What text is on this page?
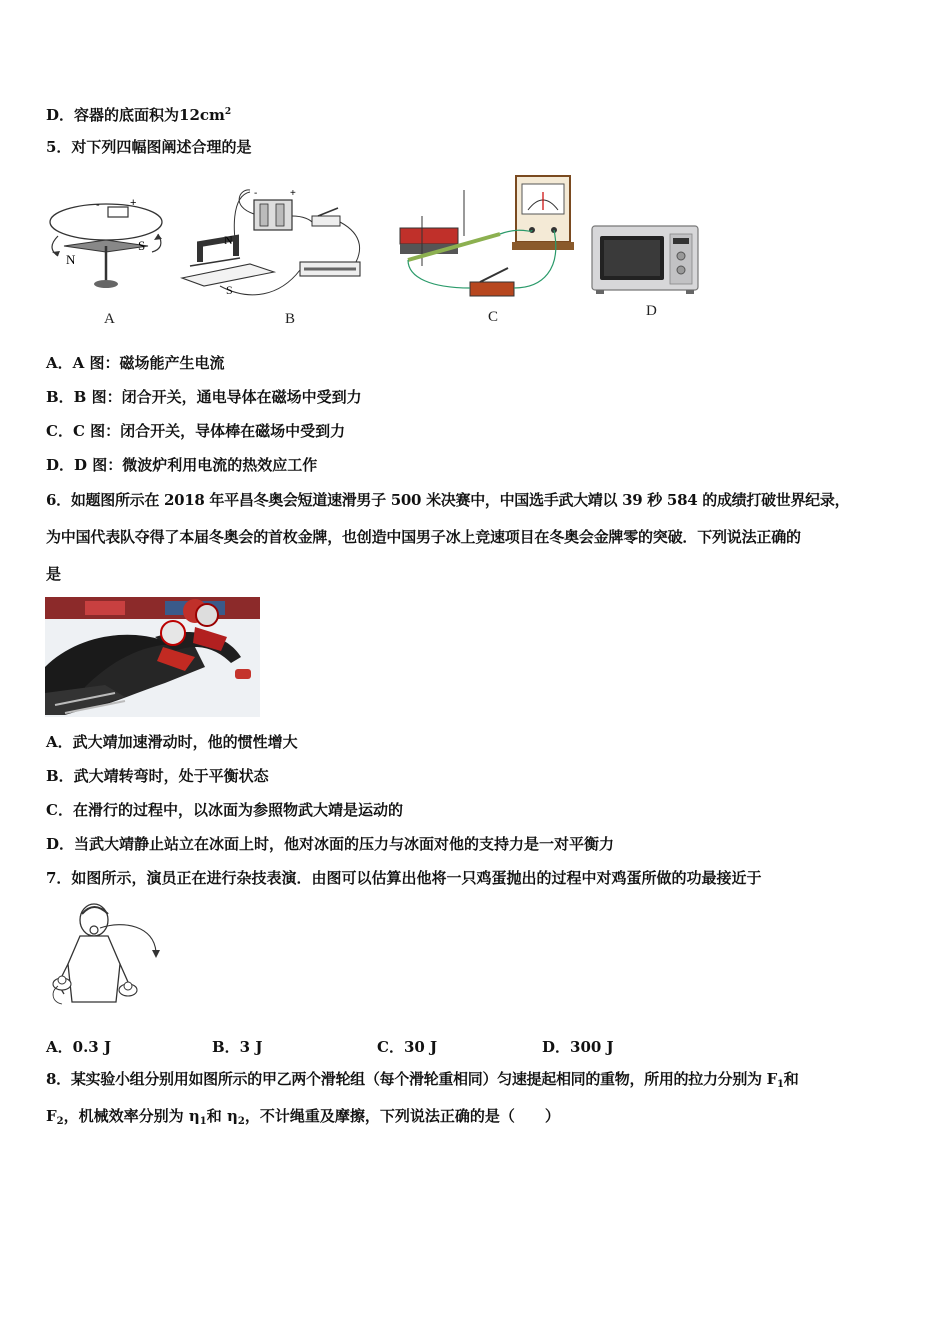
D．容器的底面积为$12cm^2$
5．对下列四幅图阐述合理的是
-	+
N
S
A
-	+
N
S
B	C	D
A．A 图：磁场能产生电流
B．B 图：闭合开关，通电导体在磁场中受到力
C．C 图：闭合开关，导体棒在磁场中受到力
D．D 图：微波炉利用电流的热效应工作
6．如题图所示在 2018 年平昌冬奥会短道速滑男子 500 米决赛中，中国选手武大靖以 39 秒 584 的成绩打破世界纪录，
为中国代表队夺得了本届冬奥会的首枚金牌，也创造中国男子冰上竞速项目在冬奥会金牌零的突破．下列说法正确的
是
A．武大靖加速滑动时，他的惯性增大
B．武大靖转弯时，处于平衡状态
C．在滑行的过程中，以冰面为参照物武大靖是运动的
D．当武大靖静止站立在冰面上时，他对冰面的压力与冰面对他的支持力是一对平衡力
7．如图所示，演员正在进行杂技表演．由图可以估算出他将一只鸡蛋抛出的过程中对鸡蛋所做的功最接近于
A．0.3 J	B．3 J	C．30 J	D．300 J
8．某实验小组分别用如图所示的甲乙两个滑轮组（每个滑轮重相同）匀速提起相同的重物，所用的拉力分别为 $F_1$和
$F_2$，机械效率分别为 $\eta_1$和 $\eta_2$，不计绳重及摩擦，下列说法正确的是（　　）
